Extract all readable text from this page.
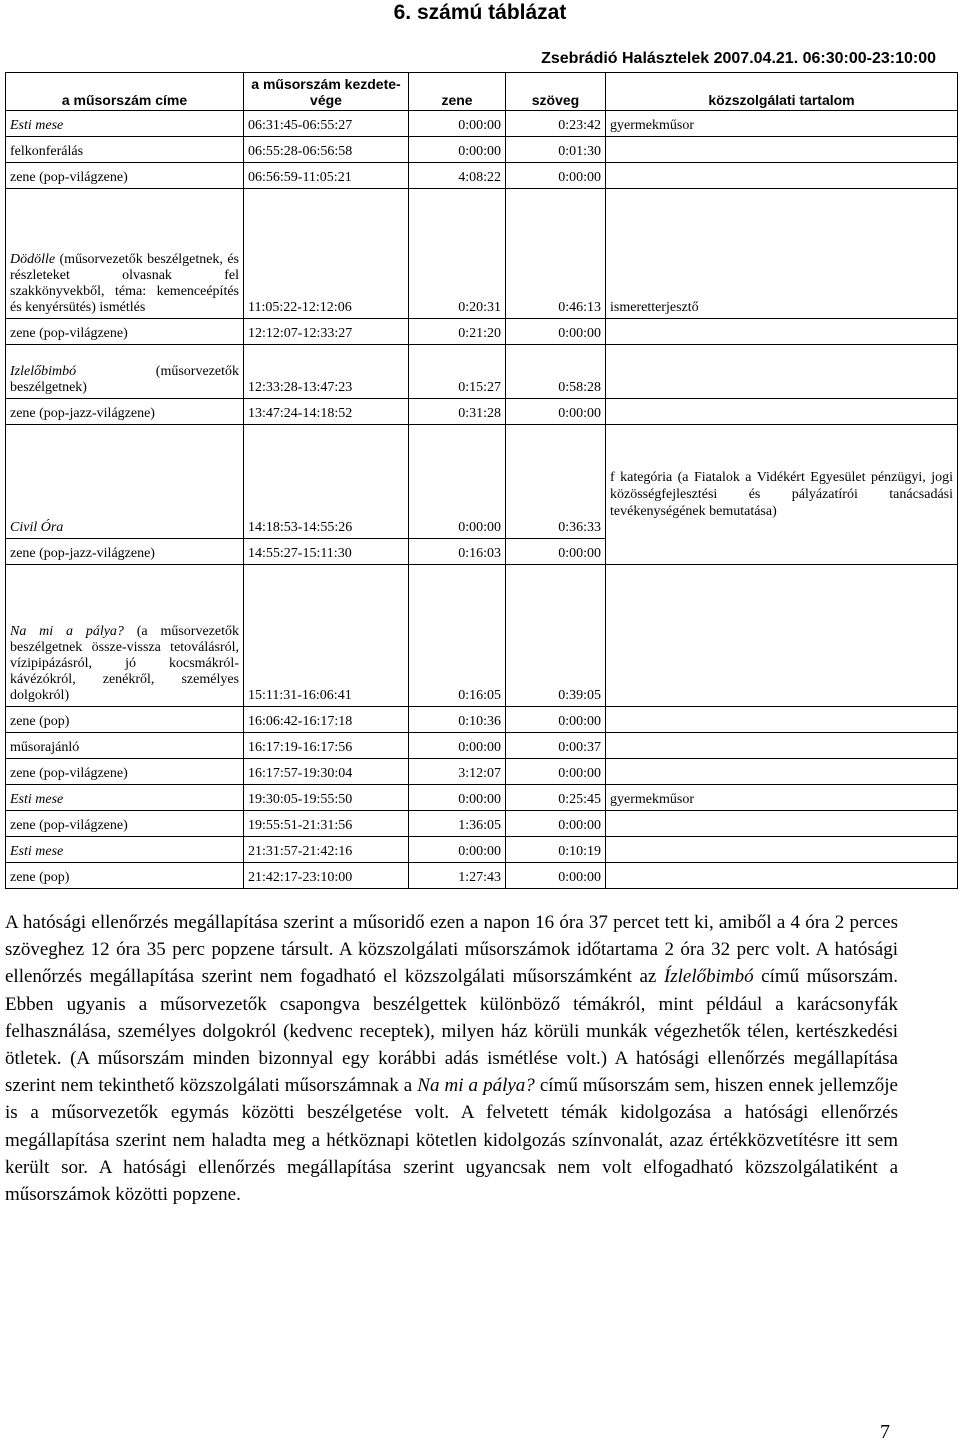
6. számú táblázat
Zsebrádió Halásztelek 2007.04.21. 06:30:00-23:10:00
a műsorszám címe	a műsorszám kezdete-vége	zene	szöveg	közszolgálati tartalom
Esti mese	06:31:45-06:55:27	0:00:00	0:23:42	gyermekműsor
felkonferálás	06:55:28-06:56:58	0:00:00	0:01:30	
zene (pop-világzene)	06:56:59-11:05:21	4:08:22	0:00:00	
Dödölle (műsorvezetők beszélgetnek, és részleteket olvasnak fel szakkönyvekből, téma: kemenceépítés és kenyérsütés) ismétlés	11:05:22-12:12:06	0:20:31	0:46:13	ismeretterjesztő
zene (pop-világzene)	12:12:07-12:33:27	0:21:20	0:00:00	
Izlelőbimbó (műsorvezetők beszélgetnek)	12:33:28-13:47:23	0:15:27	0:58:28	
zene (pop-jazz-világzene)	13:47:24-14:18:52	0:31:28	0:00:00	
Civil Óra	14:18:53-14:55:26	0:00:00	0:36:33	f kategória (a Fiatalok a Vidékért Egyesület pénzügyi, jogi közösségfejlesztési és pályázatírói tanácsadási tevékenységének bemutatása)
zene (pop-jazz-világzene)	14:55:27-15:11:30	0:16:03	0:00:00	
Na mi a pálya? (a műsorvezetők beszélgetnek össze-vissza tetoválásról, vízipipázásról, jó kocsmákról-kávézókról, zenékről, személyes dolgokról)	15:11:31-16:06:41	0:16:05	0:39:05	
zene (pop)	16:06:42-16:17:18	0:10:36	0:00:00	
műsorajánló	16:17:19-16:17:56	0:00:00	0:00:37	
zene (pop-világzene)	16:17:57-19:30:04	3:12:07	0:00:00	
Esti mese	19:30:05-19:55:50	0:00:00	0:25:45	gyermekműsor
zene (pop-világzene)	19:55:51-21:31:56	1:36:05	0:00:00	
Esti mese	21:31:57-21:42:16	0:00:00	0:10:19	
zene (pop)	21:42:17-23:10:00	1:27:43	0:00:00	

A hatósági ellenőrzés megállapítása szerint a műsoridő ezen a napon 16 óra 37 percet tett ki, amiből a 4 óra 2 perces szöveghez 12 óra 35 perc popzene társult. A közszolgálati műsorszámok időtartama 2 óra 32 perc volt. A hatósági ellenőrzés megállapítása szerint nem fogadható el közszolgálati műsorszámként az Ízlelőbimbó című műsorszám. Ebben ugyanis a műsorvezetők csapongva beszélgettek különböző témákról, mint például a karácsonyfák felhasználása, személyes dolgokról (kedvenc receptek), milyen ház körüli munkák végezhetők télen, kertészkedési ötletek. (A műsorszám minden bizonnyal egy korábbi adás ismétlése volt.) A hatósági ellenőrzés megállapítása szerint nem tekinthető közszolgálati műsorszámnak a Na mi a pálya? című műsorszám sem, hiszen ennek jellemzője is a műsorvezetők egymás közötti beszélgetése volt. A felvetett témák kidolgozása a hatósági ellenőrzés megállapítása szerint nem haladta meg a hétköznapi kötetlen kidolgozás színvonalát, azaz értékközvetítésre itt sem került sor. A hatósági ellenőrzés megállapítása szerint ugyancsak nem volt elfogadható közszolgálatiként a műsorszámok közötti popzene.

7
